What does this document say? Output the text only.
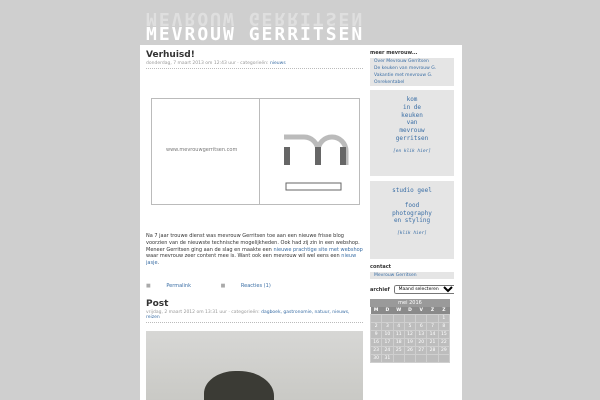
MEVROUW GERRITSEN
MEVROUW GERRITSEN
Verhuisd!
donderdag, 7 maart 2013 om 12:43 uur · categorieën: nieuws
www.mevrouwgerritsen.com
Na 7 jaar trouwe dienst was mevrouw Gerritsen toe aan een nieuwe frisse blog voorzien van de nieuwste technische mogelijkheden. Ook had zij zin in een webshop.
Meneer Gerritsen ging aan de slag en maakte een nieuwe prachtige site met webshop waar mevrouw zeer content mee is. Want ook een mevrouw wil wel eens een nieuw jasje.
■	Permalink	■	Reacties (1)
Post
vrijdag, 2 maart 2012 om 13:31 uur · categorieën: dagboek, gastronomie, natuur, nieuws, reizen
meer mevrouw...
Over Mevrouw Gerritsen
De keuken van mevrouw G.
Vakantie met mevrouw G.
Onrekentabel
kom
in de
keuken
van
mevrouw
gerritsen
[en klik hier]
studio geel
food
photography
en styling
[klik hier]
contact
Mevrouw Gerritsen
archief
Maand selecteren
mei 2016
M	D	W	D	V	Z	Z
						1
2	3	4	5	6	7	8
9	10	11	12	13	14	15
16	17	18	19	20	21	22
23	24	25	26	27	28	29
30	31					
